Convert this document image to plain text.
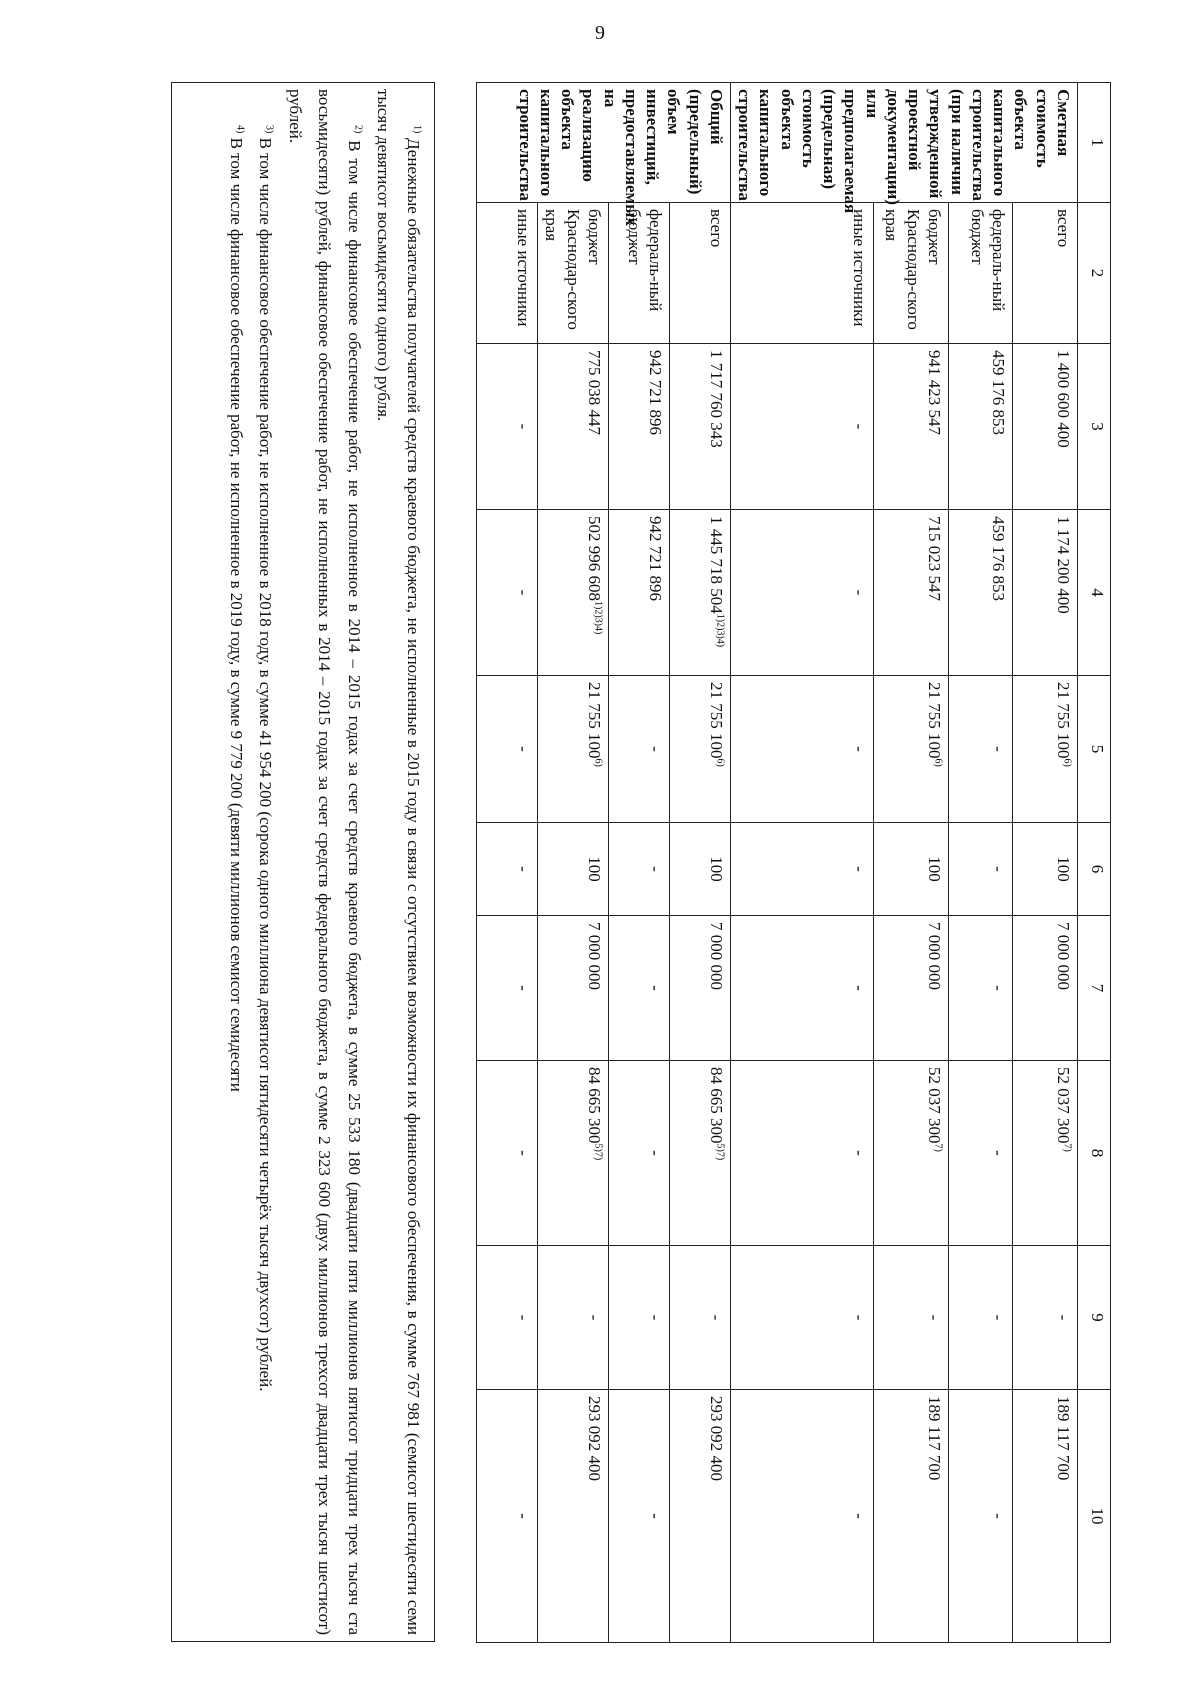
9
1	2	3	4	5	6	7	8	9	10
Сметная стоимость объекта капитального строительства (при наличии утвержденной проектной документации) или предполагаемая (предельная) стоимость объекта капитального строительства	всего	1 400 600 400	1 174 200 400	21 755 100$^{6)}$	100	7 000 000	52 037 300$^{7)}$	-	189 117 700
	федераль-ный бюджет	459 176 853	459 176 853	-	-	-	-	-	-
	бюджет Краснодар-ского края	941 423 547	715 023 547	21 755 100$^{6)}$	100	7 000 000	52 037 300$^{7)}$	-	189 117 700
	иные источники	-	-	-	-	-	-	-	-
Общий (предельный) объем инвестиций, предоставляемых на реализацию объекта капитального строительства	всего	1 717 760 343	1 445 718 $504^{1)2)3)4)}$	21 755 100$^{6)}$	100	7 000 000	84 665 $300^{5)7)}$	-	293 092 400
	федераль-ный бюджет	942 721 896	942 721 896	-	-	-	-	-	-
	бюджет Краснодар-ского края	775 038 447	502 996 $608^{1)2)3)4)}$	21 755 100$^{6)}$	100	7 000 000	84 665 $300^{5)7)}$	-	293 092 400
	иные источники	-	-	-	-	-	-	-	-

$^{1)}$ Денежные обязательства получателей средств краевого бюджета, не исполненные в 2015 году в связи с отсутствием возможности их финансового обеспечения, в сумме 767 981 (семисот шестидесяти семи тысяч девятисот восьмидесяти одного) рубля.

$^{2)}$ В том числе финансовое обеспечение работ, не исполненное в 2014 – 2015 годах за счет средств краевого бюджета, в сумме 25 533 180 (двадцати пяти миллионов пятисот тридцати трех тысяч ста восьмидесяти) рублей, финансовое обеспечение работ, не исполненных в 2014 – 2015 годах за счет средств федерального бюджета, в сумме 2 323 600 (двух миллионов трехсот двадцати трех тысяч шестисот) рублей.

$^{3)}$ В том числе финансовое обеспечение работ, не исполненное в 2018 году, в сумме 41 954 200 (сорока одного миллиона девятисот пятидесяти четырёх тысяч двухсот) рублей.

$^{4)}$ В том числе финансовое обеспечение работ, не исполненное в 2019 году, в сумме 9 779 200 (девяти миллионов семисот семидесяти
